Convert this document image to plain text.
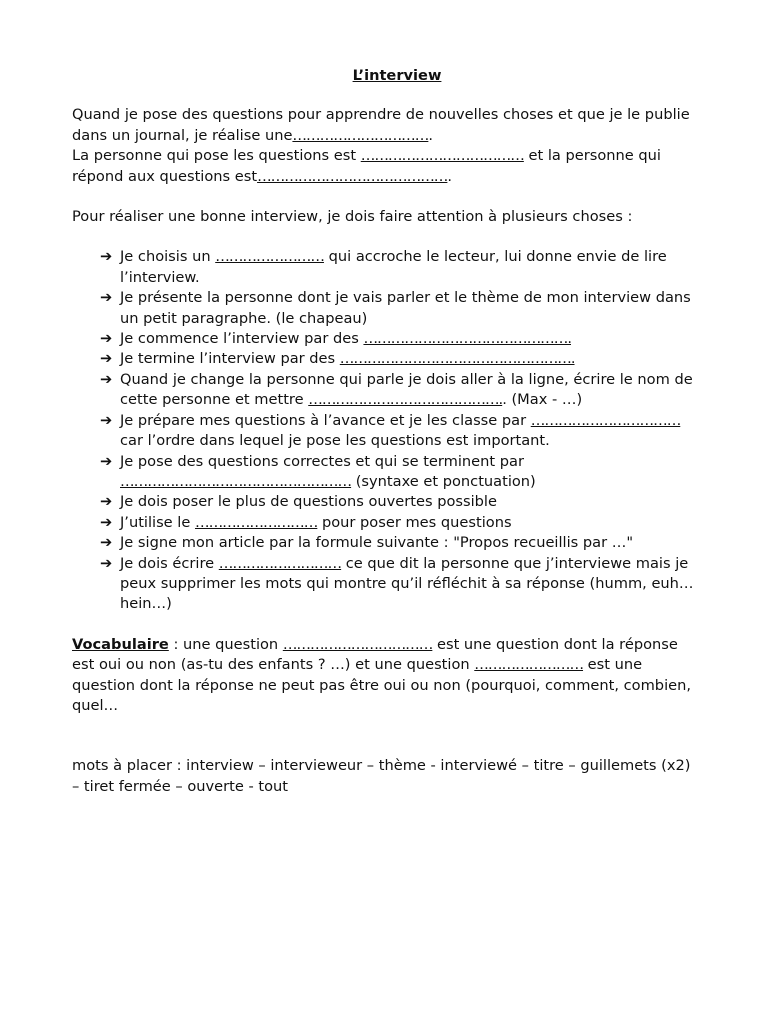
L’interview

Quand je pose des questions pour apprendre de nouvelles choses et que je le publie dans un journal, je réalise une………………………….
La personne qui pose les questions est ……………………………… et la personne qui répond aux questions est…………………………………….

Pour réaliser une bonne interview, je dois faire attention à plusieurs choses :

➔ Je choisis un …………………… qui accroche le lecteur, lui donne envie de lire l’interview.
➔ Je présente la personne dont je vais parler et le thème de mon interview dans un petit paragraphe. (le chapeau)
➔ Je commence l’interview par des ……………………………………….
➔ Je termine l’interview par des …………………………………………….
➔ Quand je change la personne qui parle je dois aller à la ligne, écrire le nom de cette personne et mettre …………………………………….. (Max - …)
➔ Je prépare mes questions à l’avance et je les classe par …………………………… car l’ordre dans lequel je pose les questions est important.
➔ Je pose des questions correctes et qui se terminent par …………………………………………… (syntaxe et ponctuation)
➔ Je dois poser le plus de questions ouvertes possible
➔ J’utilise le ……………………… pour poser mes questions
➔ Je signe mon article par la formule suivante : "Propos recueillis par …"
➔ Je dois écrire ……………………… ce que dit la personne que j’interviewe mais je peux supprimer les mots qui montre qu’il réfléchit à sa réponse (humm, euh… hein…)

Vocabulaire : une question …………………………… est une question dont la réponse est oui ou non (as-tu des enfants ? …) et une question …………………… est une question dont la réponse ne peut pas être oui ou non (pourquoi, comment, combien, quel…

mots à placer : interview – intervieweur – thème - interviewé – titre – guillemets (x2) – tiret fermée – ouverte - tout
